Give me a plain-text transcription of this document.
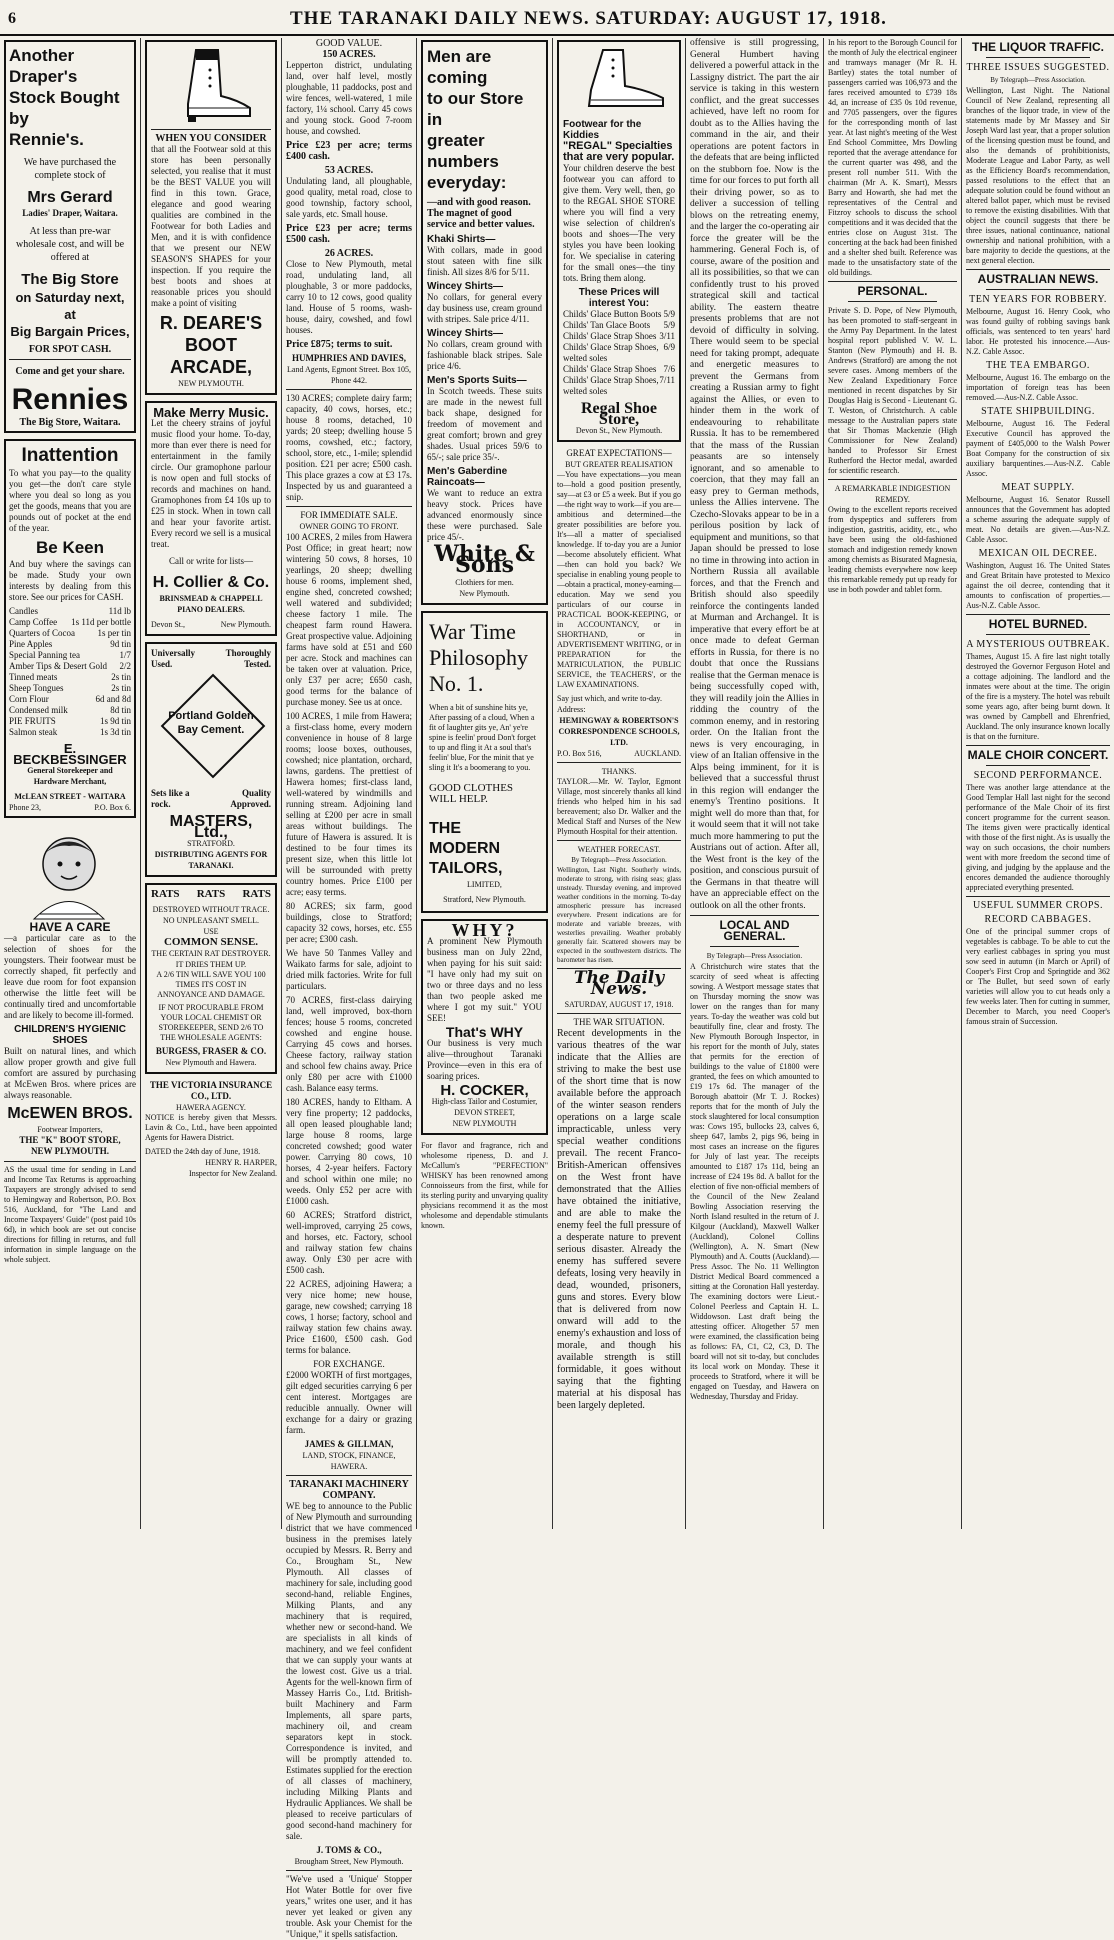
6	THE TARANAKI DAILY NEWS. SATURDAY: AUGUST 17, 1918.
Another Draper's
Stock Bought by
Rennie's.

We have purchased the complete stock of

Mrs Gerard
Ladies' Draper, Waitara.

At less than pre-war wholesale cost, and will be offered at

The Big Store
on Saturday next, at
Big Bargain Prices,
FOR SPOT CASH.
Come and get your share.
Rennies
The Big Store, Waitara.
Inattention

To what you pay—to the quality you get—the don't care style where you deal so long as you get the goods, means that you are pounds out of pocket at the end of the year.

Be Keen

And buy where the savings can be made. Study your own interests by dealing from this store. See our prices for CASH.

Candles	11d lb
Camp Coffee 1s 11d per bottle
Quarters of Cocoa	1s per tin
Pine Apples	9d tin
Special Panning tea	1/7
Amber Tips & Desert Gold 2/2
Tinned meats	2s tin
Sheep Tongues	2s tin
Corn Flour	6d and 8d
Condensed milk	8d tin
PIE FRUITS	1s 9d tin
Salmon steak	1s 3d tin
E. BECKBESSINGER
General Storekeeper and Hardware Merchant,
McLEAN STREET - WAITARA
Phone 23,	P.O. Box 6.
HAVE A CARE

—a particular care as to the selection of shoes for the youngsters. Their footwear must be correctly shaped, fit perfectly and leave due room for foot expansion otherwise the little feet will be continually tired and uncomfortable and are likely to become ill-formed.

CHILDREN'S HYGIENIC SHOES

Built on natural lines, and which allow proper growth and give full comfort are assured by purchasing at McEwen Bros. where prices are always reasonable.

McEWEN BROS.
Footwear Importers,
THE "K" BOOT STORE,
NEW PLYMOUTH.

AS the usual time for sending in Land and Income Tax Returns is approaching Taxpayers are strongly advised to send to Hemingway and Robertson, P.O. Box 516, Auckland, for "The Land and Income Taxpayers' Guide" (post paid 10s 6d), in which book are set out concise directions for filling in returns, and full information in simple language on the whole subject.

WHEN YOU CONSIDER

that all the Footwear sold at this store has been personally selected, you realise that it must be the BEST VALUE you will find in this town. Grace, elegance and good wearing qualities are combined in the Footwear for both Ladies and Men, and it is with confidence that we present our NEW SEASON'S SHAPES for your inspection. If you require the best boots and shoes at reasonable prices you should make a point of visiting

R. DEARE'S
BOOT
ARCADE,
NEW PLYMOUTH.
Make Merry Music.

Let the cheery strains of joyful music flood your home. To-day, more than ever there is need for entertainment in the family circle. Our gramophone parlour is now open and full stocks of records and machines on hand. Gramophones from £4 10s up to £25 in stock. When in town call and hear your favorite artist. Every record we sell is a musical treat.

Call or write for lists—
H. Collier & Co.
BRINSMEAD & CHAPPELL PIANO DEALERS.
Devon St.,	New Plymouth.
Universally Used.
Thoroughly Tested.
Portland Golden Bay Cement.
Sets like a rock.
Quality Approved.
MASTERS, Ltd.,
STRATFORD.
DISTRIBUTING AGENTS FOR TARANAKI.
RATS RATS RATS
DESTROYED WITHOUT TRACE.
NO UNPLEASANT SMELL.
USE
COMMON SENSE.
THE CERTAIN RAT DESTROYER.
IT DRIES THEM UP.

A 2/6 TIN WILL SAVE YOU 100 TIMES ITS COST IN ANNOYANCE AND DAMAGE.

IF NOT PROCURABLE FROM YOUR LOCAL CHEMIST OR STOREKEEPER, SEND 2/6 TO THE WHOLESALE AGENTS:

BURGESS, FRASER & CO.
New Plymouth and Hawera.
THE VICTORIA INSURANCE CO., LTD.
HAWERA AGENCY.

NOTICE is hereby given that Messrs. Lavin & Co., Ltd., have been appointed Agents for Hawera District.

DATED the 24th day of June, 1918.
HENRY R. HARPER,
Inspector for New Zealand.
GOOD VALUE.
150 ACRES.

Lepperton district, undulating land, over half level, mostly ploughable, 11 paddocks, post and wire fences, well-watered, 1 mile factory, 1¼ school. Carry 45 cows and young stock. Good 7-room house, and cowshed.

Price £23 per acre; terms £400 cash.

53 ACRES.

Undulating land, all ploughable, good quality, metal road, close to good township, factory school, sale yards, etc. Small house.

Price £23 per acre; terms £500 cash.

26 ACRES.

Close to New Plymouth, metal road, undulating land, all ploughable, 3 or more paddocks, carry 10 to 12 cows, good quality land. House of 5 rooms, wash-house, dairy, cowshed, and fowl houses.

Price £875; terms to suit.

HUMPHRIES AND DAVIES,
Land Agents, Egmont Street. Box 105, Phone 442.

130 ACRES; complete dairy farm; capacity, 40 cows, horses, etc.; house 8 rooms, detached, 10 yards; 20 steep; dwelling house 5 rooms, cowshed, etc.; factory, school, store, etc., 1-mile; splendid position. £21 per acre; £500 cash. This place grazes a cow at £3 17s. Inspected by us and guaranteed a snip.

FOR IMMEDIATE SALE.
OWNER GOING TO FRONT.

100 ACRES, 2 miles from Hawera Post Office; in great heart; now wintering 50 cows, 8 horses, 10 yearlings, 20 sheep; dwelling house 6 rooms, implement shed, engine shed, concreted cowshed; well watered and subdivided; cheese factory 1 mile. The cheapest farm round Hawera. Great prospective value. Adjoining farms have sold at £51 and £60 per acre. Stock and machines can be taken over at valuation. Price, only £37 per acre; £650 cash, good terms for the balance of purchase money. See us at once.

100 ACRES, 1 mile from Hawera; a first-class home, every modern convenience in house of 8 large rooms; loose boxes, outhouses, cowshed; nice plantation, orchard, lawns, gardens. The prettiest of Hawera homes; first-class land, well-watered by windmills and running stream. Adjoining land selling at £200 per acre in small areas without buildings. The future of Hawera is assured. It is destined to be four times its present size, when this little lot will be surrounded with pretty country homes. Price £100 per acre; easy terms.

80 ACRES; six farm, good buildings, close to Stratford; capacity 32 cows, horses, etc. £55 per acre; £300 cash.

We have 50 Tanmes Valley and Waikato farms for sale, adjoint to dried milk factories. Write for full particulars.

70 ACRES, first-class dairying land, well improved, box-thorn fences; house 5 rooms, concreted cowshed and engine house. Carrying 45 cows and horses. Cheese factory, railway station and school few chains away. Price only £80 per acre with £1000 cash. Balance easy terms.

180 ACRES, handy to Eltham. A very fine property; 12 paddocks, all open leased ploughable land; large house 8 rooms, large concreted cowshed; good water power. Carrying 80 cows, 10 horses, 4 2-year heifers. Factory and school within one mile; no weeds. Only £52 per acre with £1000 cash.

60 ACRES; Stratford district, well-improved, carrying 25 cows, and horses, etc. Factory, school and railway station few chains away. Only £30 per acre with £500 cash.

22 ACRES, adjoining Hawera; a very nice home; new house, garage, new cowshed; carrying 18 cows, 1 horse; factory, school and railway station few chains away. Price £1600, £500 cash. God terms for balance.

FOR EXCHANGE.

£2000 WORTH of first mortgages, gilt edged securities carrying 6 per cent interest. Mortgages are reducible annually. Owner will exchange for a dairy or grazing farm.

JAMES & GILLMAN,
LAND, STOCK, FINANCE, HAWERA.
TARANAKI MACHINERY COMPANY.

WE beg to announce to the Public of New Plymouth and surrounding district that we have commenced business in the premises lately occupied by Messrs. R. Berry and Co., Brougham St., New Plymouth. All classes of machinery for sale, including good second-hand, reliable Engines, Milking Plants, and any machinery that is required, whether new or second-hand. We are specialists in all kinds of machinery, and we feel confident that we can supply your wants at the lowest cost. Give us a trial. Agents for the well-known firm of Massey Harris Co., Ltd. British-built Machinery and Farm Implements, all spare parts, machinery oil, and cream separators kept in stock. Correspondence is invited, and will be promptly attended to. Estimates supplied for the erection of all classes of machinery, including Milking Plants and Hydraulic Appliances. We shall be pleased to receive particulars of good second-hand machinery for sale.

J. TOMS & CO.,
Brougham Street, New Plymouth.

"We've used a 'Unique' Stopper Hot Water Bottle for over five years," writes one user, and it has never yet leaked or given any trouble. Ask your Chemist for the "Unique," it spells satisfaction.

Men are coming
to our Store in
greater numbers
everyday:
—and with good reason.
The magnet of good service and better values.
Khaki Shirts—

With collars, made in good stout sateen with fine silk finish. All sizes 8/6 for 5/11.

Wincey Shirts—

No collars, for general every day business use, cream ground with stripes. Sale price 4/11.

Wincey Shirts—

No collars, cream ground with fashionable black stripes. Sale price 4/6.

Men's Sports Suits—

In Scotch tweeds. These suits are made in the newest full back shape, designed for freedom of movement and great comfort; brown and grey shades. Usual prices 59/6 to 65/-; sale price 35/-.

Men's Gaberdine Raincoats—

We want to reduce an extra heavy stock. Prices have advanced enormously since these were purchased. Sale price 45/-.

White & Sons
Clothiers for men.
New Plymouth.
War Time
Philosophy
No. 1.

When a bit of sunshine hits ye, After passing of a cloud, When a fit of laughter gits ye, An' ye're spine is feelin' proud Don't forget to up and fling it At a soul that's feelin' blue, For the minit that ye sling it It's a boomerang to you.

GOOD CLOTHES WILL HELP.
THE
MODERN
TAILORS,
LIMITED,
Stratford, New Plymouth.
WHY?

A prominent New Plymouth business man on July 22nd, when paying for his suit said: "I have only had my suit on two or three days and no less than two people asked me where I got my suit." YOU SEE!

That's WHY

Our business is very much alive—throughout Taranaki Province—even in this era of soaring prices.

H. COCKER,
High-class Tailor and Costumier,
DEVON STREET,
NEW PLYMOUTH

For flavor and fragrance, rich and wholesome ripeness, D. and J. McCallum's "PERFECTION" WHISKY has been renowned among Connoisseurs from the first, while for its sterling purity and unvarying quality physicians recommend it as the most wholesome and dependable stimulants known.

Footwear for the Kiddies
"REGAL" Specialties
that are very popular.

Your children deserve the best footwear you can afford to give them. Very well, then, go to the REGAL SHOE STORE where you will find a very wise selection of children's boots and shoes—The very styles you have been looking for. We specialise in catering for the small ones—the tiny tots. Bring them along.

These Prices will interest You:
Childs' Glace Button Boots 5/9
Childs' Tan Glace Boots 5/9
Childs' Glace Strap Shoes 3/11
Childs' Glace Strap Shoes, welted soles
6/9
Childs' Glace Strap Shoes 7/6
Childs' Glace Strap Shoes, welted soles
7/11
Regal Shoe Store,
Devon St., New Plymouth.
GREAT EXPECTATIONS—
BUT GREATER REALISATION

—You have expectations—you mean to—hold a good position presently, say—at £3 or £5 a week. But if you go—the right way to work—if you are—ambitious and determined—the greater possibilities are before you. It's—all a matter of specialised knowledge. If to-day you are a Junior—become absolutely efficient. What—then can hold you back? We specialise in enabling young people to—obtain a practical, money-earning—education. May we send you particulars of our course in PRACTICAL BOOK-KEEPING, or in ACCOUNTANCY, or in SHORTHAND, or in ADVERTISEMENT WRITING, or in PREPARATION for the MATRICULATION, the PUBLIC SERVICE, the TEACHERS', or the LAW EXAMINATIONS.

Say just which, and write to-day. Address:
HEMINGWAY & ROBERTSON'S CORRESPONDENCE SCHOOLS, LTD.
P.O. Box 516,	AUCKLAND.
THANKS.

TAYLOR.—Mr. W. Taylor, Egmont Village, most sincerely thanks all kind friends who helped him in his sad bereavement; also Dr. Walker and the Medical Staff and Nurses of the New Plymouth Hospital for their attention.

WEATHER FORECAST.
By Telegraph—Press Association.

Wellington, Last Night. Southerly winds, moderate to strong, with rising seas; glass unsteady. Thursday evening, and improved weather conditions in the morning. To-day atmospheric pressure has increased everywhere. Present indications are for moderate and variable breezes, with westerlies prevailing. Weather probably generally fair. Scattered showers may be expected in the southwestern districts. The barometer has risen.

The Daily News.
SATURDAY, AUGUST 17, 1918.
THE WAR SITUATION.

Recent developments in the various theatres of the war indicate that the Allies are striving to make the best use of the short time that is now available before the approach of the winter season renders operations on a large scale impracticable, unless very special weather conditions prevail. The recent Franco-British-American offensives on the West front have demonstrated that the Allies have obtained the initiative, and are able to make the enemy feel the full pressure of a desperate nature to prevent serious disaster. Already the enemy has suffered severe defeats, losing very heavily in dead, wounded, prisoners, guns and stores. Every blow that is delivered from now onward will add to the enemy's exhaustion and loss of morale, and though his available strength is still formidable, it goes without saying that the fighting material at his disposal has been largely depleted.

offensive is still progressing, General Humbert having delivered a powerful attack in the Lassigny district. The part the air service is taking in this western conflict, and the great successes achieved, have left no room for doubt as to the Allies having the command in the air, and their operations are potent factors in the defeats that are being inflicted on the stubborn foe. Now is the time for our forces to put forth all their driving power, so as to deliver a succession of telling blows on the retreating enemy, and the larger the co-operating air force the greater will be the hammering. General Foch is, of course, aware of the position and all its possibilities, so that we can confidently trust to his proved strategical skill and tactical ability. The eastern theatre presents problems that are not devoid of difficulty in solving. There would seem to be special need for taking prompt, adequate and energetic measures to prevent the Germans from creating a Russian army to fight against the Allies, or even to hinder them in the work of endeavouring to rehabilitate Russia. It has to be remembered that the mass of the Russian peasants are so intensely ignorant, and so amenable to coercion, that they may fall an easy prey to German methods, unless the Allies intervene. The Czecho-Slovaks appear to be in a perilous position by lack of equipment and munitions, so that Japan should be pressed to lose no time in throwing into action in Northern Russia all available forces, and that the French and British should also speedily reinforce the contingents landed at Murman and Archangel. It is imperative that every effort be at once made to defeat German efforts in Russia, for there is no doubt that once the Russians realise that the German menace is being successfully coped with, they will readily join the Allies in ridding the country of the common enemy, and in restoring order. On the Italian front the news is very encouraging, in view of an Italian offensive in the Alps being imminent, for it is believed that a successful thrust in this region will endanger the enemy's Trentino positions. It might well do more than that, for it would seem that it will not take much more hammering to put the Austrians out of action. After all, the West front is the key of the position, and conscious pursuit of the Germans in that theatre will have an appreciable effect on the outlook on all the other fronts.

LOCAL AND GENERAL.
By Telegraph—Press Association.

A Christchurch wire states that the scarcity of seed wheat is affecting sowing. A Westport message states that on Thursday morning the snow was lower on the ranges than for many years. To-day the weather was cold but beautifully fine, clear and frosty. The New Plymouth Borough Inspector, in his report for the month of July, states that permits for the erection of buildings to the value of £1800 were granted, the fees on which amounted to £19 17s 6d. The manager of the Borough abattoir (Mr T. J. Rockes) reports that for the month of July the stock slaughtered for local consumption was: Cows 195, bullocks 23, calves 6, sheep 647, lambs 2, pigs 96, being in most cases an increase on the figures for July of last year. The receipts amounted to £187 17s 11d, being an increase of £24 19s 8d. A ballot for the election of five non-official members of the Council of the New Zealand Bowling Association reserving the North Island resulted in the return of J. Kilgour (Auckland), Maxwell Walker (Auckland), Colonel Collins (Wellington), A. N. Smart (New Plymouth) and A. Coutts (Auckland).—Press Assoc. The No. 11 Wellington District Medical Board commenced a sitting at the Coronation Hall yesterday. The examining doctors were Lieut.-Colonel Peerless and Captain H. L. Widdowson. Last draft being the attesting officer. Altogether 57 men were examined, the classification being as follows: FA, C1, C2, C3, D. The board will not sit to-day, but concludes its local work on Monday. These it proceeds to Stratford, where it will be engaged on Tuesday, and Hawera on Wednesday, Thursday and Friday.

In his report to the Borough Council for the month of July the electrical engineer and tramways manager (Mr R. H. Bartley) states the total number of passengers carried was 106,973 and the fares received amounted to £739 18s 4d, an increase of £35 0s 10d revenue, and 7705 passengers, over the figures for the corresponding month of last year. At last night's meeting of the West End School Committee, Mrs Dowling reported that the average attendance for the current quarter was 498, and the present roll number 511. With the chairman (Mr A. K. Smart), Messrs Barry and Howarth, she had met the representatives of the Central and Fitzroy schools to discuss the school competitions and it was decided that the entries close on August 31st. The concerting at the back had been finished and a shelter shed built. Reference was made to the unsatisfactory state of the old buildings.

PERSONAL.

Private S. D. Pope, of New Plymouth, has been promoted to staff-sergeant in the Army Pay Department. In the latest hospital report published V. W. L. Stanton (New Plymouth) and H. B. Andrews (Stratford) are among the not severe cases. Among members of the New Zealand Expeditionary Force mentioned in recent dispatches by Sir Douglas Haig is Second - Lieutenant G. T. Weston, of Christchurch. A cable message to the Australian papers state that Sir Thomas Mackenzie (High Commissioner for New Zealand) handed to Professor Sir Ernest Rutherford the Hector medal, awarded for scientific research.

A REMARKABLE INDIGESTION REMEDY.

Owing to the excellent reports received from dyspeptics and sufferers from indigestion, gastritis, acidity, etc., who have been using the old-fashioned stomach and indigestion remedy known among chemists as Bisurated Magnesia, leading chemists everywhere now keep this remarkable remedy put up ready for use in both powder and tablet form.

THE LIQUOR TRAFFIC.
THREE ISSUES SUGGESTED.
By Telegraph—Press Association.

Wellington, Last Night. The National Council of New Zealand, representing all branches of the liquor trade, in view of the statements made by Mr Massey and Sir Joseph Ward last year, that a proper solution of the licensing question must be found, and also the demands of prohibitionists, Moderate League and Labor Party, as well as the Efficiency Board's recommendation, passed resolutions to the effect that an adequate solution could be found without an altered ballot paper, which must be revised to remove the existing disabilities. With that object the council suggests that there be three issues, national continuance, national ownership and national prohibition, with a bare majority to decide the questions, at the next general election.

AUSTRALIAN NEWS.
TEN YEARS FOR ROBBERY.

Melbourne, August 16. Henry Cook, who was found guilty of robbing savings bank officials, was sentenced to ten years' hard labor. He protested his innocence.—Aus-N.Z. Cable Assoc.

THE TEA EMBARGO.

Melbourne, August 16. The embargo on the importation of foreign teas has been removed.—Aus-N.Z. Cable Assoc.

STATE SHIPBUILDING.

Melbourne, August 16. The Federal Executive Council has approved the payment of £405,000 to the Walsh Power Boat Company for the construction of six auxiliary barquentines.—Aus-N.Z. Cable Assoc.

MEAT SUPPLY.

Melbourne, August 16. Senator Russell announces that the Government has adopted a scheme assuring the adequate supply of meat. No details are given.—Aus-N.Z. Cable Assoc.

MEXICAN OIL DECREE.

Washington, August 16. The United States and Great Britain have protested to Mexico against the oil decree, contending that it amounts to confiscation of properties.—Aus-N.Z. Cable Assoc.

HOTEL BURNED.
A MYSTERIOUS OUTBREAK.

Thames, August 15. A fire last night totally destroyed the Governor Ferguson Hotel and a cottage adjoining. The landlord and the inmates were about at the time. The origin of the fire is a mystery. The hotel was rebuilt some years ago, after being burnt down. It was owned by Campbell and Ehrenfried, Auckland. The only insurance known locally is that on the furniture.

MALE CHOIR CONCERT.
SECOND PERFORMANCE.

There was another large attendance at the Good Templar Hall last night for the second performance of the Male Choir of its first concert programme for the current season. The items given were practically identical with those of the first night. As is usually the way on such occasions, the choir numbers went with more freedom the second time of giving, and judging by the applause and the encores demanded the audience thoroughly appreciated everything presented.

USEFUL SUMMER CROPS.
RECORD CABBAGES.

One of the principal summer crops of vegetables is cabbage. To be able to cut the very earliest cabbages in spring you must sow seed in autumn (in March or April) of Cooper's First Crop and Springtide and 362 or The Bullet, but seed sown of early varieties will allow you to cut heads only a few weeks later. Then for cutting in summer, December to March, you need Cooper's famous strain of Succession.
